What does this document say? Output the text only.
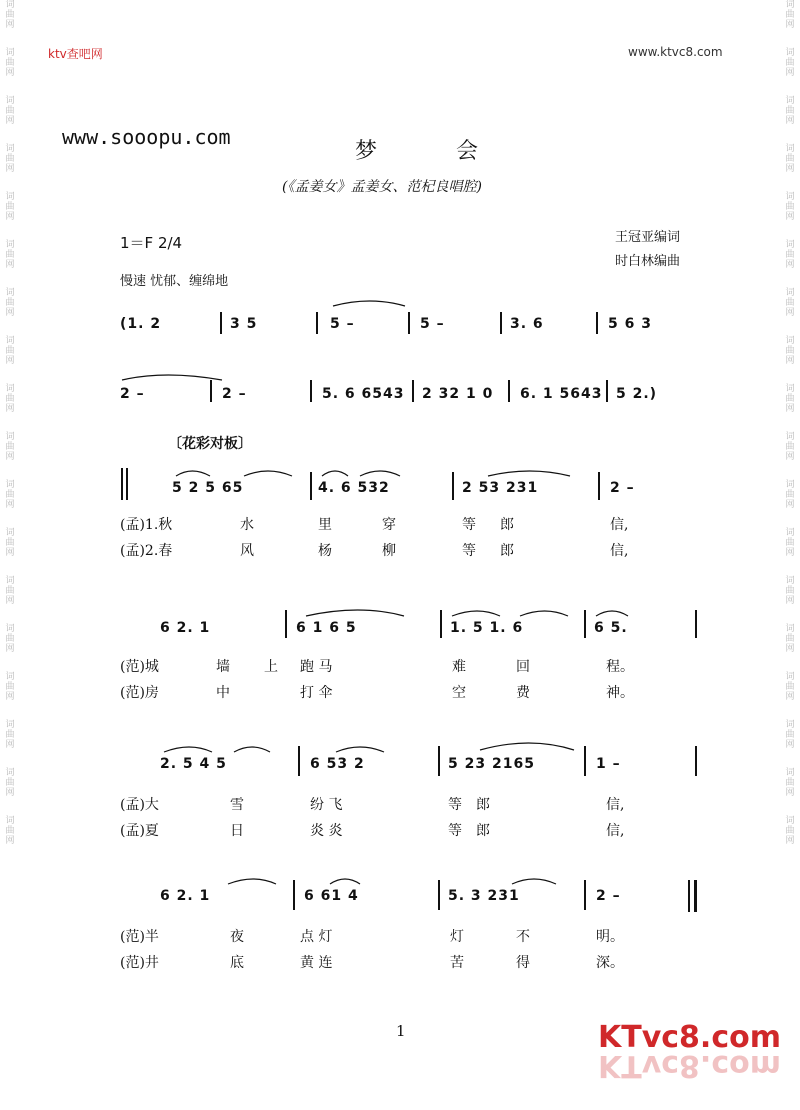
词曲网
词曲网
词曲网
词曲网
词曲网
词曲网
词曲网
词曲网
词曲网
词曲网
词曲网
词曲网
词曲网
词曲网
词曲网
词曲网
词曲网
词曲网
词曲网
词曲网
词曲网
词曲网
词曲网
词曲网
词曲网
词曲网
词曲网
词曲网
词曲网
词曲网
词曲网
词曲网
词曲网
词曲网
词曲网
词曲网
ktv查吧网	www.ktvc8.com
www.sooopu.com
梦 会
(《孟姜女》孟姜女、范杞良唱腔)
1＝F 2/4	王冠亚编词
时白林编曲
慢速 忧郁、缠绵地
(1. 2	3 5	5 –	5 –	3. 6	5 6 3
2 –	2 –	5. 6 6543 2 32 1 0 6. 1 5643 5 2.)
〔花彩对板〕
5 2 5 65	4. 6 532	2 53 231	2 –
(孟)1.秋	水	里	穿	等 郎	信,
(孟)2.春	风	杨	柳	等 郎	信,
6 2. 1	6 1 6 5	1. 5 1. 6	6 5.
(范)城	墙 上 跑 马	难	回	程。
(范)房	中	打 伞	空	费	神。
2. 5 4 5	6 53 2	5 23 2165	1 –
(孟)大	雪	纷 飞	等 郎	信,
(孟)夏	日	炎 炎	等 郎	信,
6 2. 1	6 61 4	5. 3 231	2 –
(范)半	夜	点 灯	灯	不	明。
(范)井	底	黄 连	苦	得	深。
1	KTvc8.com
KTvc8.com
